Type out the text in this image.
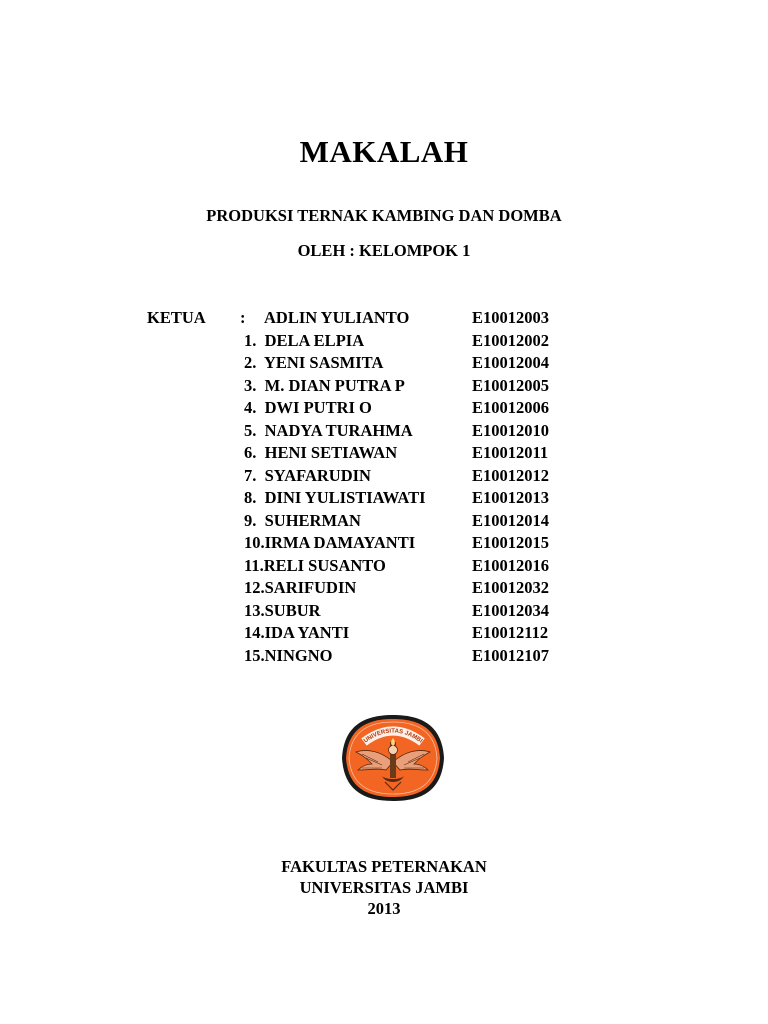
MAKALAH
PRODUKSI TERNAK KAMBING DAN DOMBA
OLEH : KELOMPOK 1
KETUA : ADLIN YULIANTO	E10012003
1.  DELA ELPIA	E10012002
2.  YENI SASMITA	E10012004
3.  M. DIAN PUTRA P	E10012005
4.  DWI PUTRI O	E10012006
5.  NADYA TURAHMA	E10012010
6.  HENI SETIAWAN	E10012011
7.  SYAFARUDIN	E10012012
8.  DINI YULISTIAWATI	E10012013
9.  SUHERMAN	E10012014
10.IRMA DAMAYANTI	E10012015
11.RELI SUSANTO	E10012016
12.SARIFUDIN	E10012032
13.SUBUR	E10012034
14.IDA YANTI	E10012112
15.NINGNO	E10012107
UNIVERSITAS JAMBI
FAKULTAS PETERNAKAN
UNIVERSITAS JAMBI
2013
